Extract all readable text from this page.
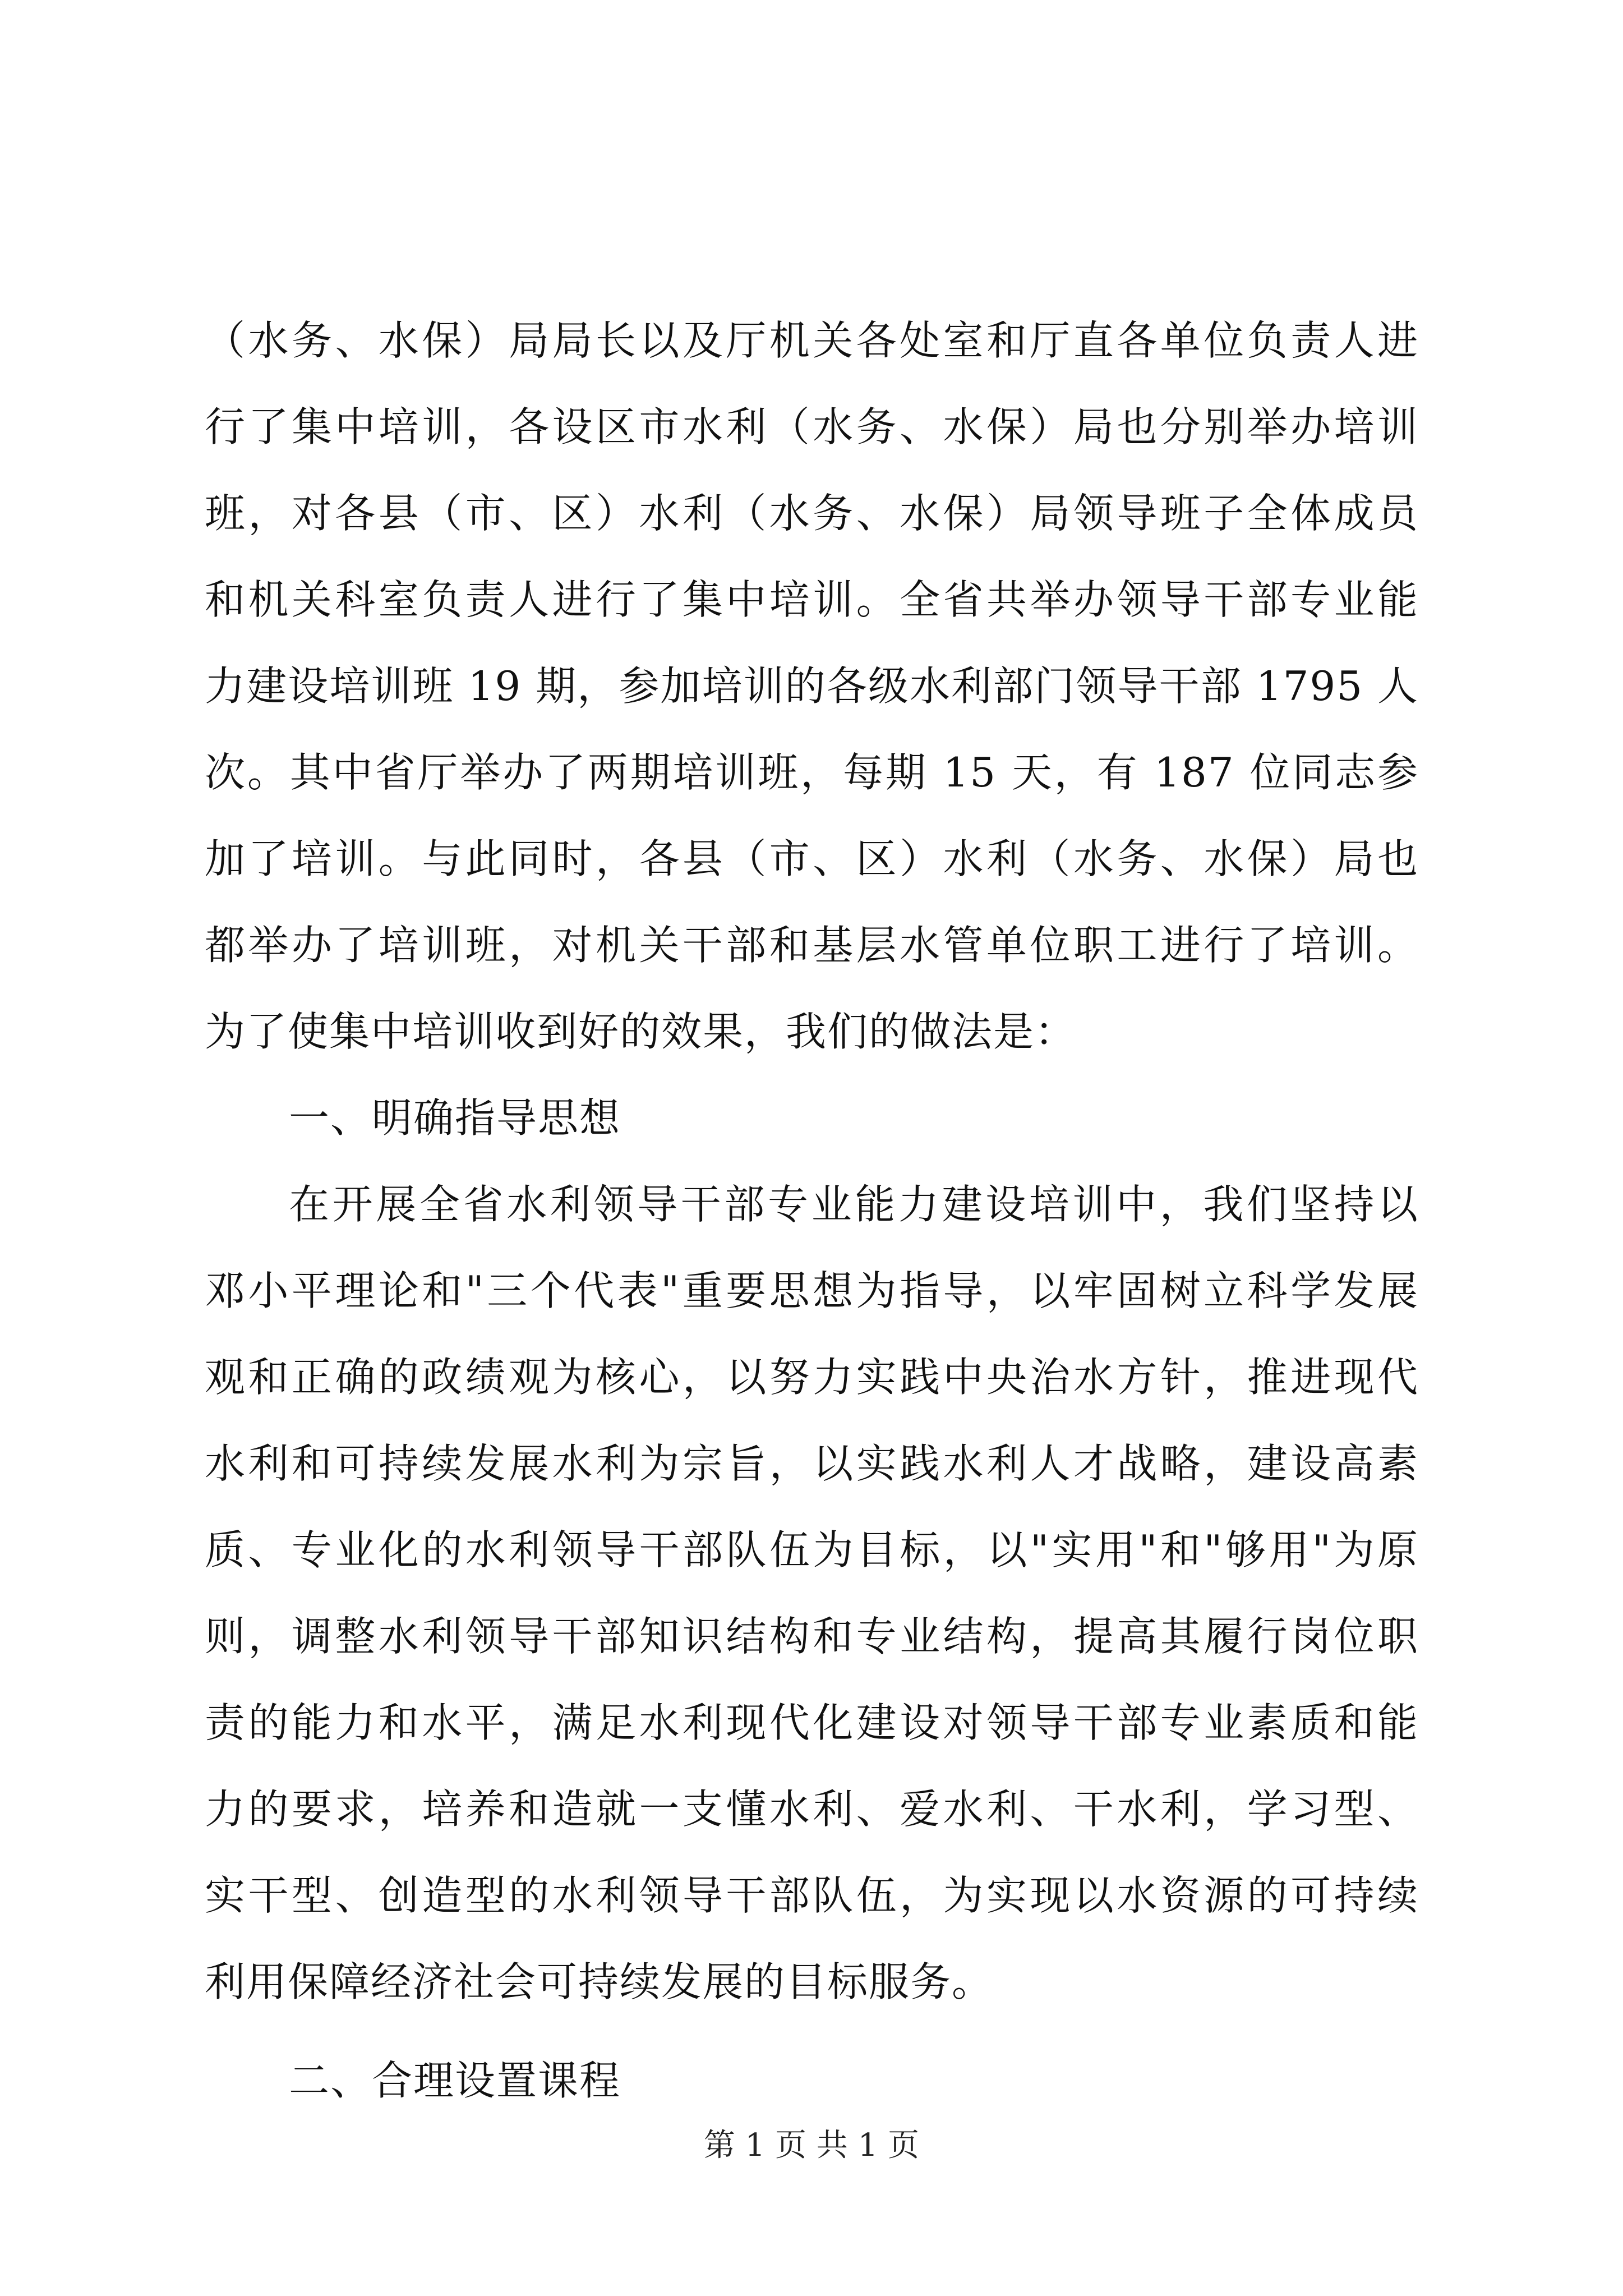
（水务、水保）局局长以及厅机关各处室和厅直各单位负责人进
行了集中培训，各设区市水利（水务、水保）局也分别举办培训
班，对各县（市、区）水利（水务、水保）局领导班子全体成员
和机关科室负责人进行了集中培训。全省共举办领导干部专业能
力建设培训班 19 期，参加培训的各级水利部门领导干部 1795 人
次。其中省厅举办了两期培训班，每期 15 天，有 187 位同志参
加了培训。与此同时，各县（市、区）水利（水务、水保）局也
都举办了培训班，对机关干部和基层水管单位职工进行了培训。
为了使集中培训收到好的效果，我们的做法是：
一、明确指导思想
在开展全省水利领导干部专业能力建设培训中，我们坚持以
邓小平理论和"三个代表"重要思想为指导，以牢固树立科学发展
观和正确的政绩观为核心，以努力实践中央治水方针，推进现代
水利和可持续发展水利为宗旨，以实践水利人才战略，建设高素
质、专业化的水利领导干部队伍为目标，以"实用"和"够用"为原
则，调整水利领导干部知识结构和专业结构，提高其履行岗位职
责的能力和水平，满足水利现代化建设对领导干部专业素质和能
力的要求，培养和造就一支懂水利、爱水利、干水利，学习型、
实干型、创造型的水利领导干部队伍，为实现以水资源的可持续
利用保障经济社会可持续发展的目标服务。
二、合理设置课程
第 1 页 共 1 页
